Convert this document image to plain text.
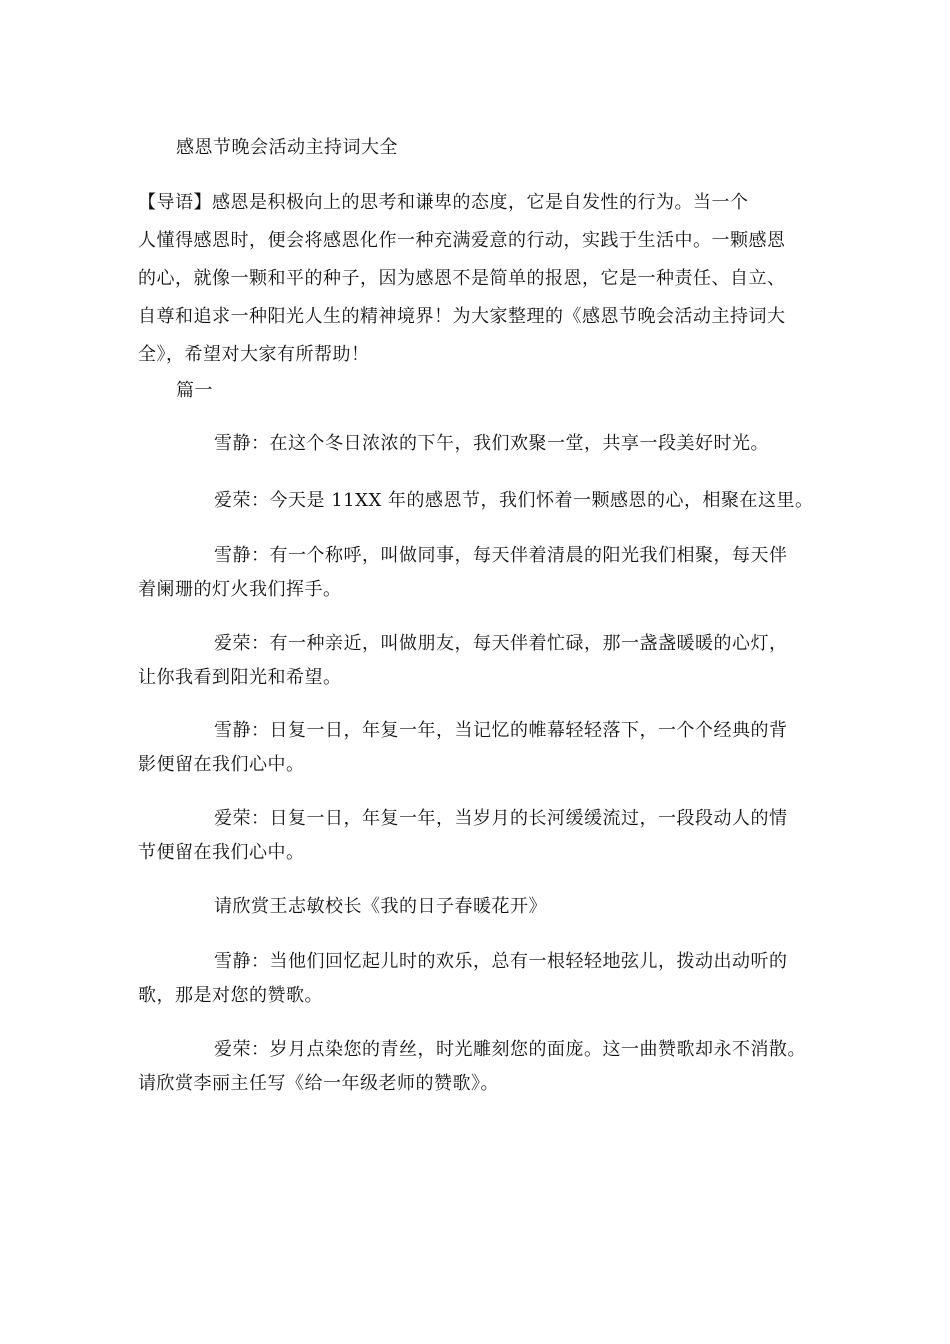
感恩节晚会活动主持词大全
【导语】感恩是积极向上的思考和谦卑的态度，它是自发性的行为。当一个
人懂得感恩时，便会将感恩化作一种充满爱意的行动，实践于生活中。一颗感恩
的心，就像一颗和平的种子，因为感恩不是简单的报恩，它是一种责任、自立、
自尊和追求一种阳光人生的精神境界！为大家整理的《感恩节晚会活动主持词大
全》，希望对大家有所帮助！
篇一
雪静：在这个冬日浓浓的下午，我们欢聚一堂，共享一段美好时光。
爱荣：今天是 11XX 年的感恩节，我们怀着一颗感恩的心，相聚在这里。
雪静：有一个称呼，叫做同事，每天伴着清晨的阳光我们相聚，每天伴
着阑珊的灯火我们挥手。
爱荣：有一种亲近，叫做朋友，每天伴着忙碌，那一盏盏暖暖的心灯，
让你我看到阳光和希望。
雪静：日复一日，年复一年，当记忆的帷幕轻轻落下，一个个经典的背
影便留在我们心中。
爱荣：日复一日，年复一年，当岁月的长河缓缓流过，一段段动人的情
节便留在我们心中。
请欣赏王志敏校长《我的日子春暖花开》
雪静：当他们回忆起儿时的欢乐，总有一根轻轻地弦儿，拨动出动听的
歌，那是对您的赞歌。
爱荣：岁月点染您的青丝，时光雕刻您的面庞。这一曲赞歌却永不消散。
请欣赏李丽主任写《给一年级老师的赞歌》。
